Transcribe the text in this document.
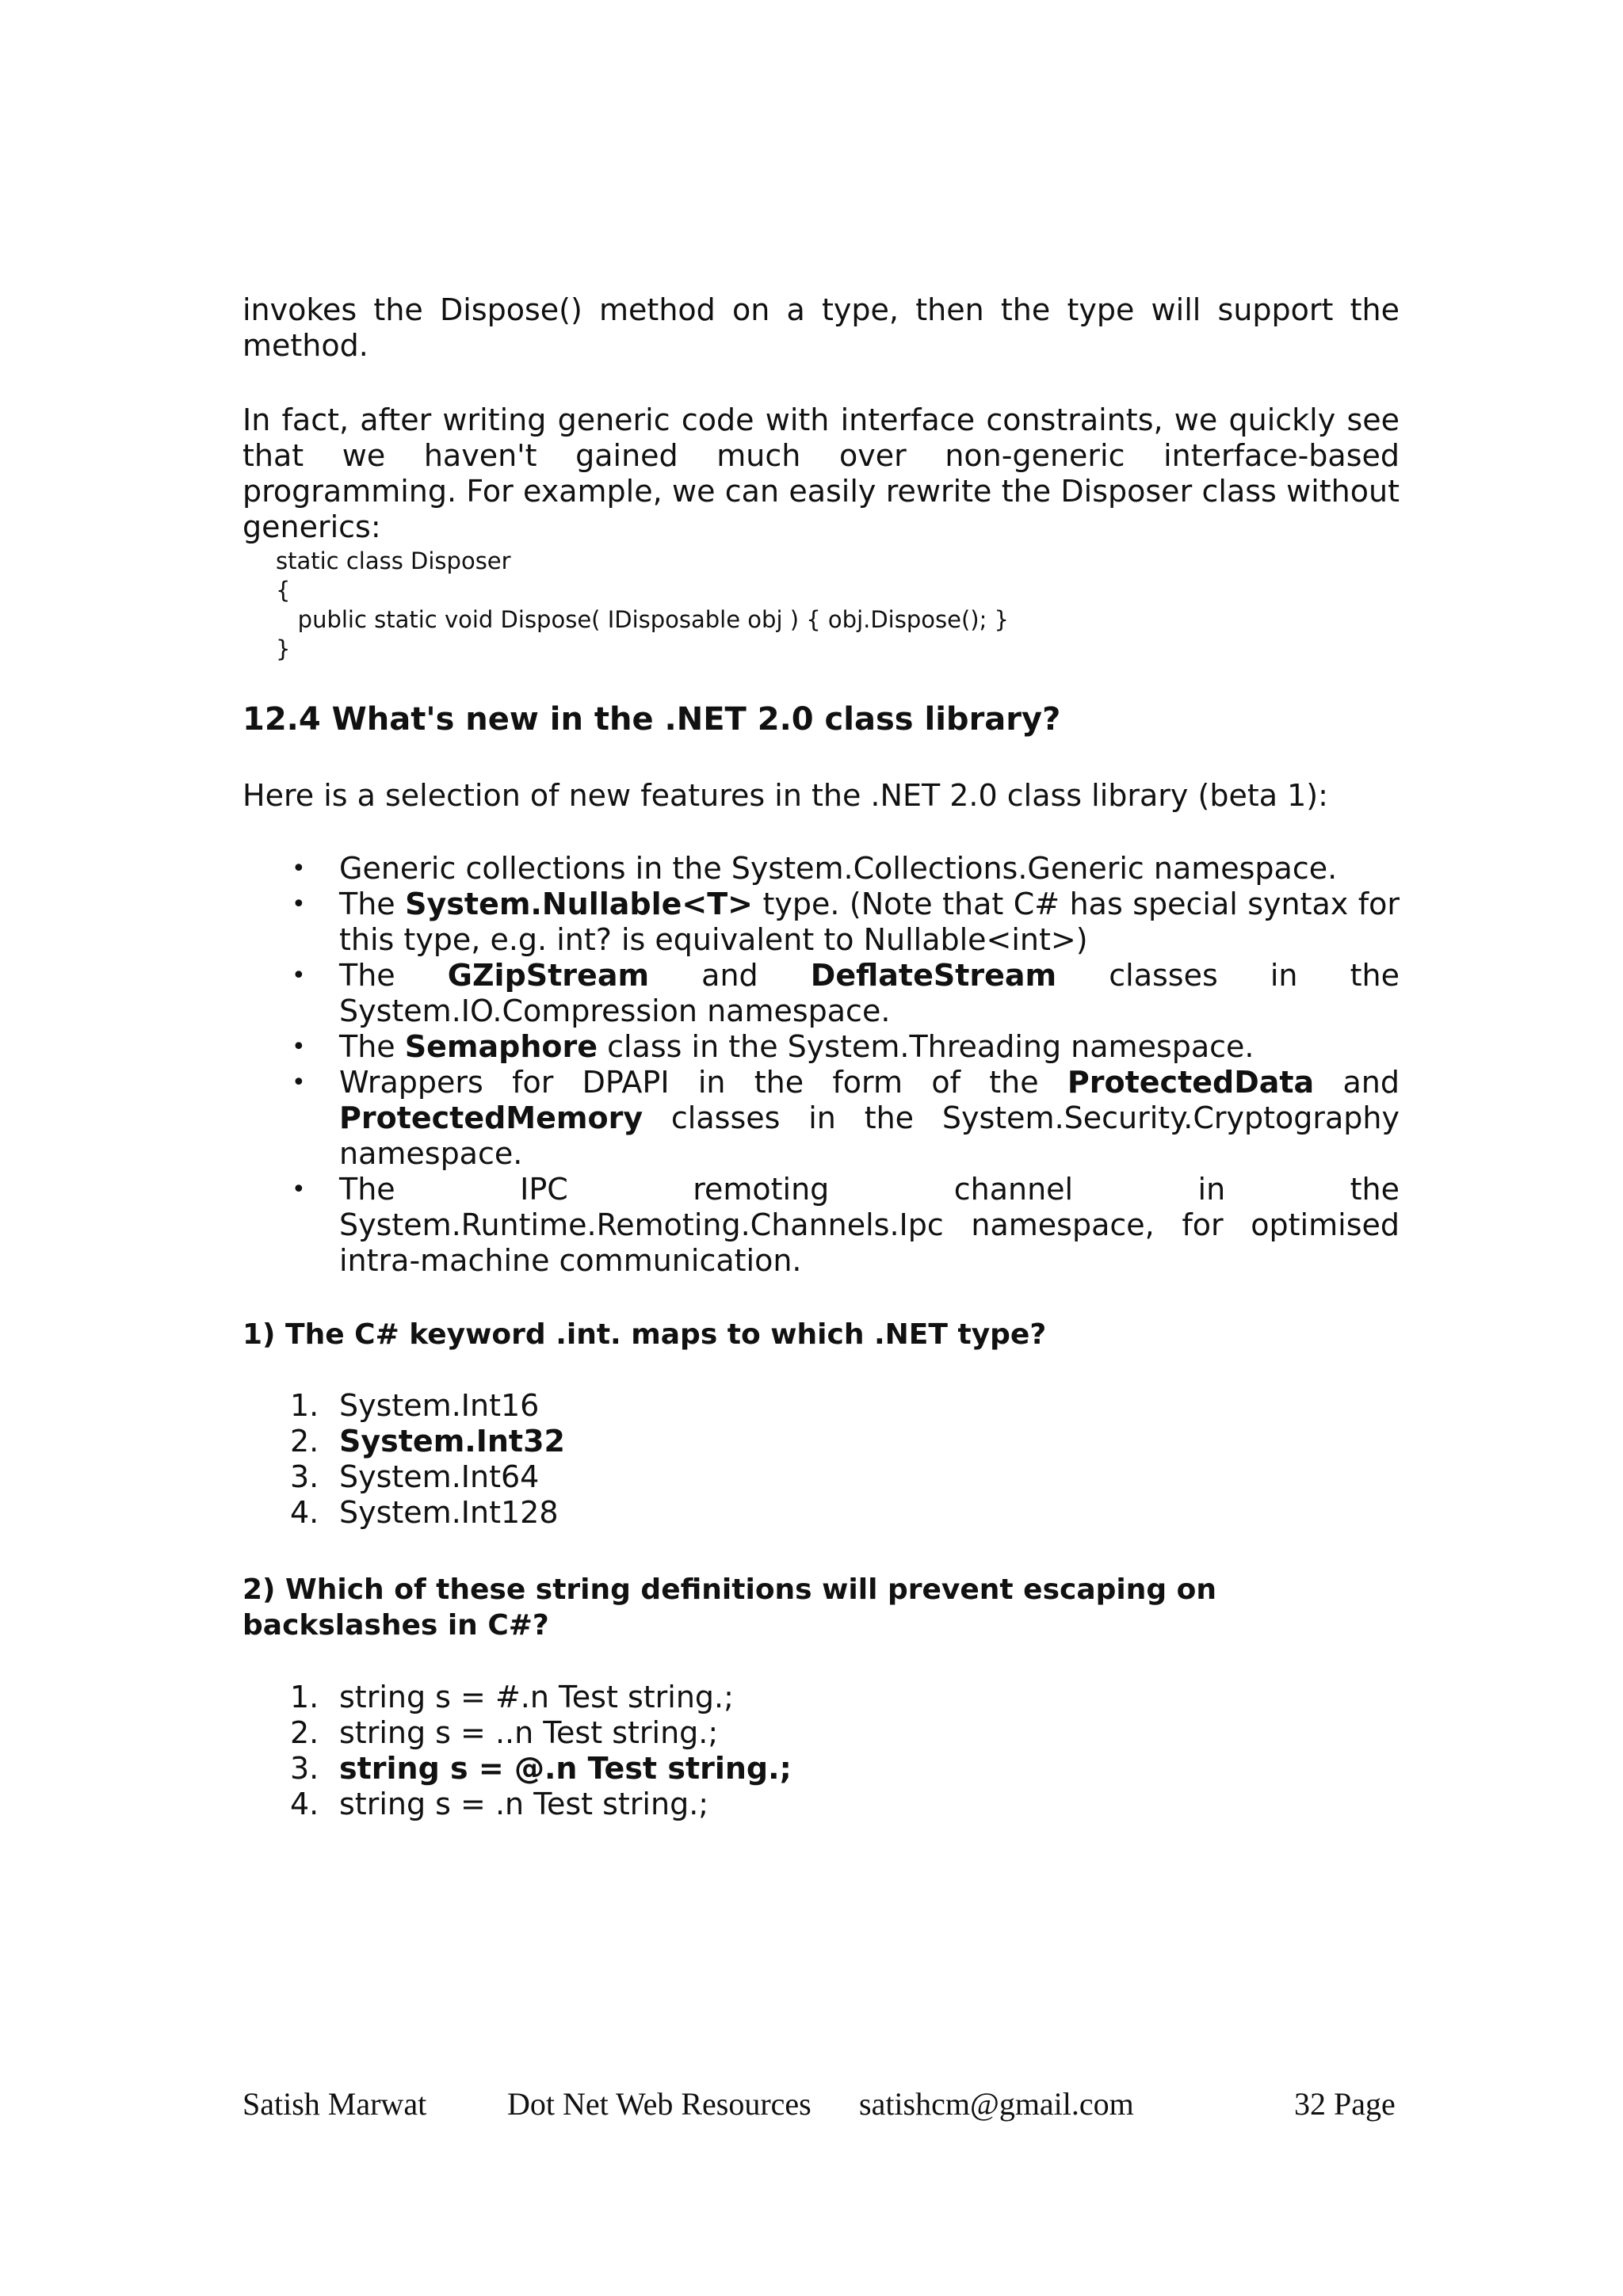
invokes the Dispose() method on a type, then the type will support the method.

In fact, after writing generic code with interface constraints, we quickly see that we haven't gained much over non-generic interface-based programming. For example, we can easily rewrite the Disposer class without generics:

static class Disposer
{
public static void Dispose( IDisposable obj ) { obj.Dispose(); }
}
12.4 What's new in the .NET 2.0 class library?

Here is a selection of new features in the .NET 2.0 class library (beta 1):

• Generic collections in the System.Collections.Generic namespace.
• The System.Nullable<T> type. (Note that C# has special syntax for this type, e.g. int? is equivalent to Nullable<int>)
• The GZipStream and DeflateStream classes in the System.IO.Compression namespace.
• The Semaphore class in the System.Threading namespace.
• Wrappers for DPAPI in the form of the ProtectedData and ProtectedMemory classes in the System.Security.Cryptography namespace.
• The IPC remoting channel in the System.Runtime.Remoting.Channels.Ipc namespace, for optimised intra-machine communication.

1) The C# keyword .int. maps to which .NET type?

1. System.Int16
2. System.Int32
3. System.Int64
4. System.Int128

2) Which of these string definitions will prevent escaping on backslashes in C#?

1. string s = #.n Test string.;
2. string s = ..n Test string.;
3. string s = @.n Test string.;
4. string s = .n Test string.;
Satish Marwat	Dot Net Web Resources satishcm@gmail.com	32 Page
